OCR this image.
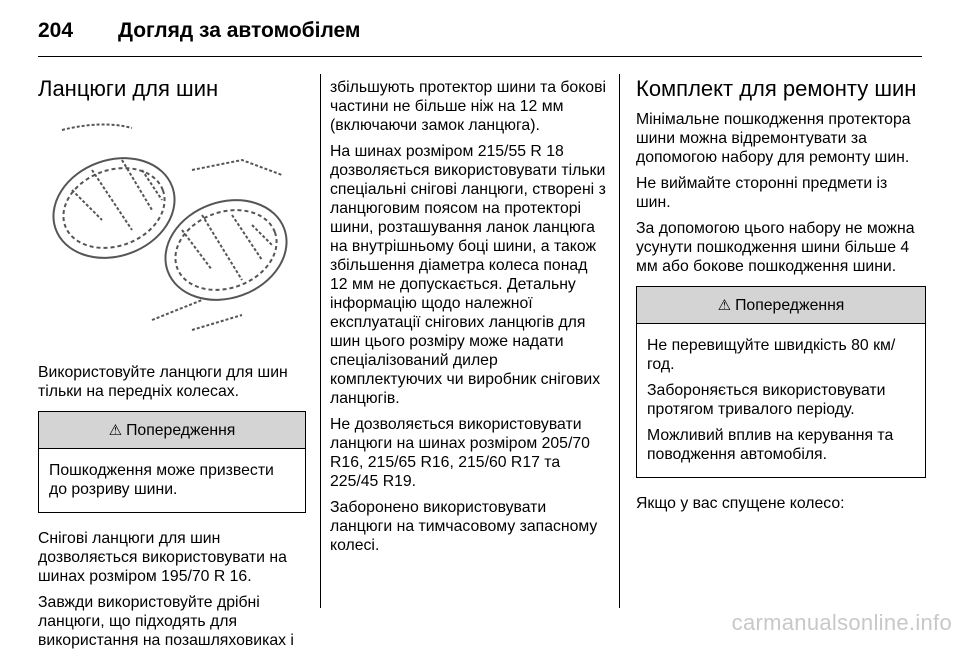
204	Догляд за автомобілем
Ланцюги для шин

Використовуйте ланцюги для шин тільки на передніх колесах.

⚠ Попередження

Пошкодження може призвести до розриву шини.

Снігові ланцюги для шин дозволяється використовувати на шинах розміром 195/70 R 16.

Завжди використовуйте дрібні ланцюги, що підходять для використання на позашляховиках і

збільшують протектор шини та бокові частини не більше ніж на 12 мм (включаючи замок ланцюга).

На шинах розміром 215/55 R 18 дозволяється використовувати тільки спеціальні снігові ланцюги, створені з ланцюговим поясом на протекторі шини, розташування ланок ланцюга на внутрішньому боці шини, а також збільшення діаметра колеса понад 12 мм не допускається. Детальну інформацію щодо належної експлуатації снігових ланцюгів для шин цього розміру може надати спеціалізований дилер комплектуючих чи виробник снігових ланцюгів.

Не дозволяється використовувати ланцюги на шинах розміром 205/70 R16, 215/65 R16, 215/60 R17 та 225/45 R19.

Заборонено використовувати ланцюги на тимчасовому запасному колесі.

Комплект для ремонту шин

Мінімальне пошкодження протектора шини можна відремонтувати за допомогою набору для ремонту шин.

Не виймайте сторонні предмети із шин.

За допомогою цього набору не можна усунути пошкодження шини більше 4 мм або бокове пошкодження шини.

⚠ Попередження

Не перевищуйте швидкість 80 км/год.

Забороняється використовувати протягом тривалого періоду.

Можливий вплив на керування та поводження автомобіля.

Якщо у вас спущене колесо:

carmanualsonline.info
